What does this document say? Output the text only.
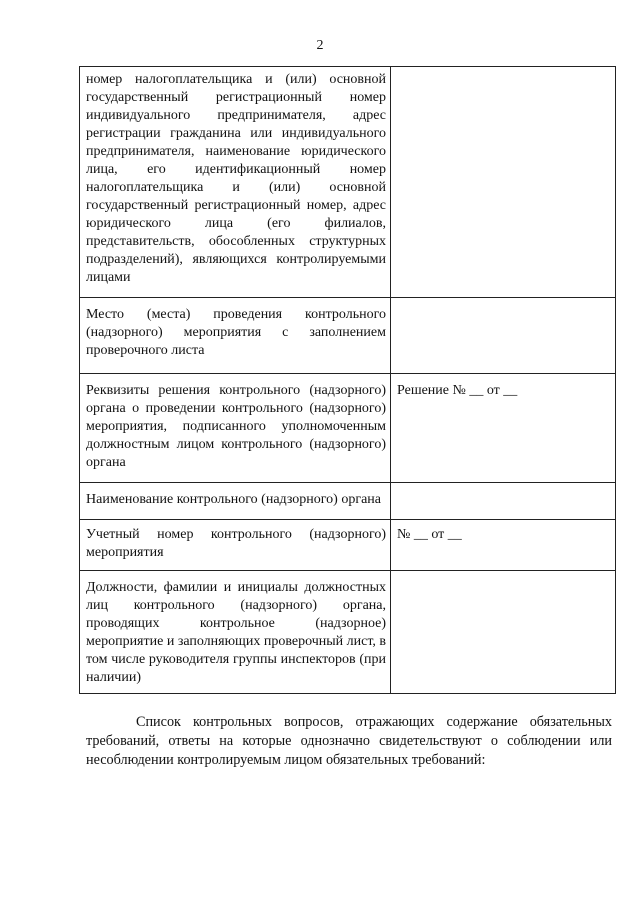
2
номер налогоплательщика и (или) основной государственный регистрационный номер индивидуального предпринимателя, адрес регистрации гражданина или индивидуального предпринимателя, наименование юридического лица, его идентификационный номер налогоплательщика и (или) основной государственный регистрационный номер, адрес юридического лица (его филиалов, представительств, обособленных структурных подразделений), являющихся контролируемыми лицами	
Место (места) проведения контрольного (надзорного) мероприятия с заполнением проверочного листа	
Реквизиты решения контрольного (надзорного) органа о проведении контрольного (надзорного) мероприятия, подписанного уполномоченным должностным лицом контрольного (надзорного) органа	Решение № __ от __
Наименование контрольного (надзорного) органа	
Учетный номер контрольного (надзорного) мероприятия	№ __ от __
Должности, фамилии и инициалы должностных лиц контрольного (надзорного) органа, проводящих контрольное (надзорное) мероприятие и заполняющих проверочный лист, в том числе руководителя группы инспекторов (при наличии)	

Список контрольных вопросов, отражающих содержание обязательных требований, ответы на которые однозначно свидетельствуют о соблюдении или несоблюдении контролируемым лицом обязательных требований:
